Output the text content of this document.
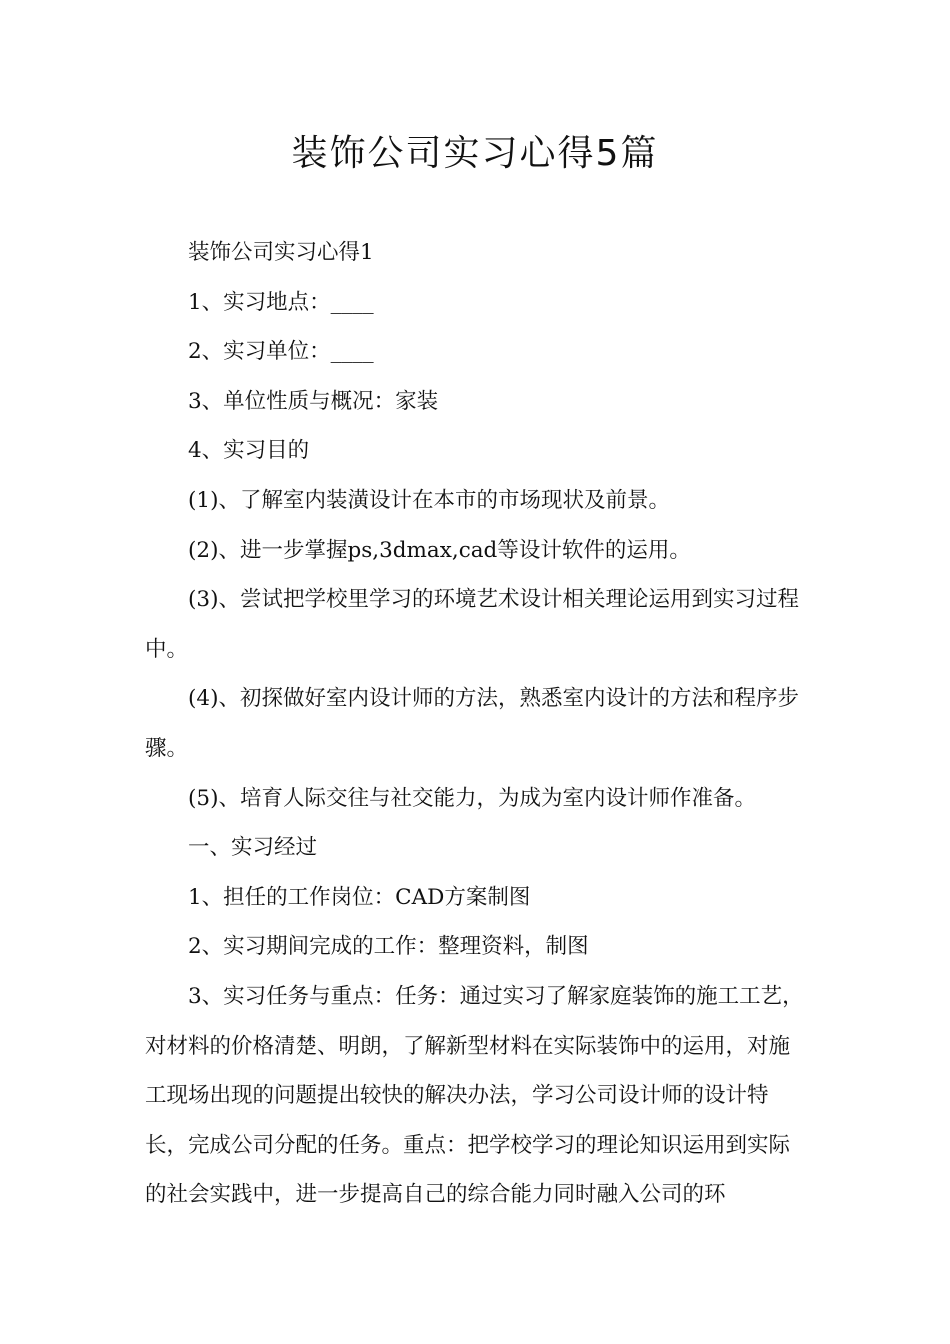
装饰公司实习心得5篇

装饰公司实习心得1

1、实习地点：____

2、实习单位：____

3、单位性质与概况：家装

4、实习目的

(1)、了解室内装潢设计在本市的市场现状及前景。

(2)、进一步掌握ps,3dmax,cad等设计软件的运用。

(3)、尝试把学校里学习的环境艺术设计相关理论运用到实习过程中。

(4)、初探做好室内设计师的方法，熟悉室内设计的方法和程序步骤。

(5)、培育人际交往与社交能力，为成为室内设计师作准备。

一、实习经过

1、担任的工作岗位：CAD方案制图

2、实习期间完成的工作：整理资料，制图

3、实习任务与重点：任务：通过实习了解家庭装饰的施工工艺，对材料的价格清楚、明朗，了解新型材料在实际装饰中的运用，对施工现场出现的问题提出较快的解决办法，学习公司设计师的设计特长，完成公司分配的任务。重点：把学校学习的理论知识运用到实际的社会实践中，进一步提高自己的综合能力同时融入公司的环
